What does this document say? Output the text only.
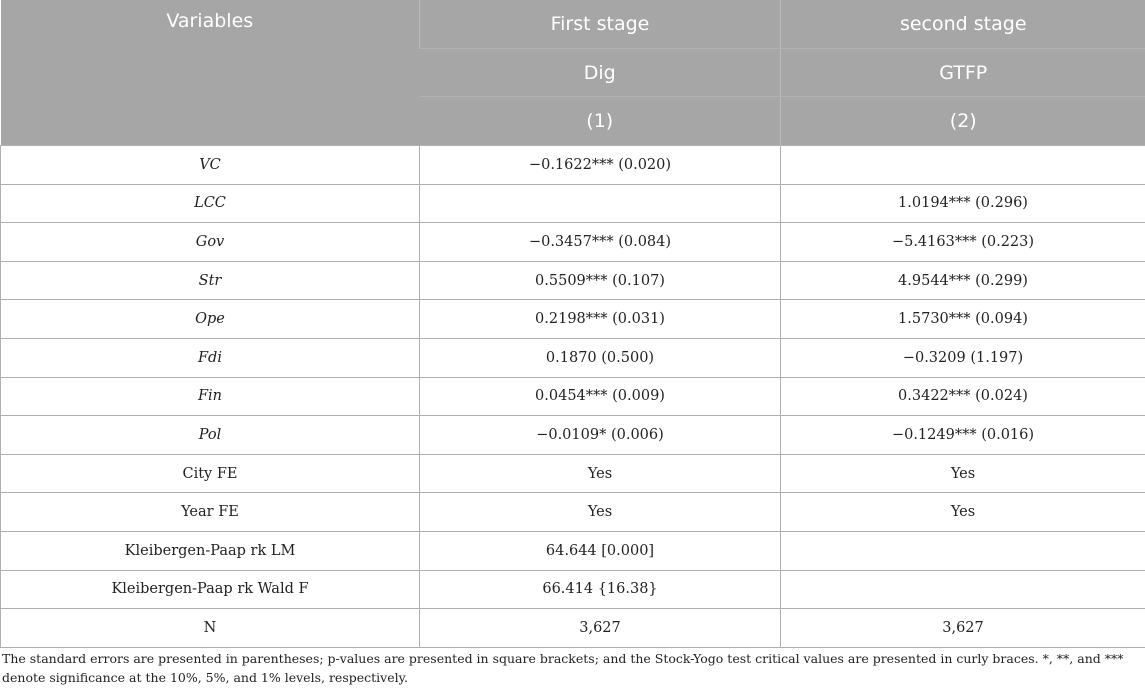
Variables	First stage	second stage
	Dig	GTFP
	(1)	(2)
VC	−0.1622*** (0.020)	
LCC		1.0194*** (0.296)
Gov	−0.3457*** (0.084)	−5.4163*** (0.223)
Str	0.5509*** (0.107)	4.9544*** (0.299)
Ope	0.2198*** (0.031)	1.5730*** (0.094)
Fdi	0.1870 (0.500)	−0.3209 (1.197)
Fin	0.0454*** (0.009)	0.3422*** (0.024)
Pol	−0.0109* (0.006)	−0.1249*** (0.016)
City FE	Yes	Yes
Year FE	Yes	Yes
Kleibergen-Paap rk LM	64.644 [0.000]	
Kleibergen-Paap rk Wald F	66.414 {16.38}	
N	3,627	3,627
The standard errors are presented in parentheses; p-values are presented in square brackets; and the Stock-Yogo test critical values are presented in curly braces. *, **, and *** denote significance at the 10%, 5%, and 1% levels, respectively.
